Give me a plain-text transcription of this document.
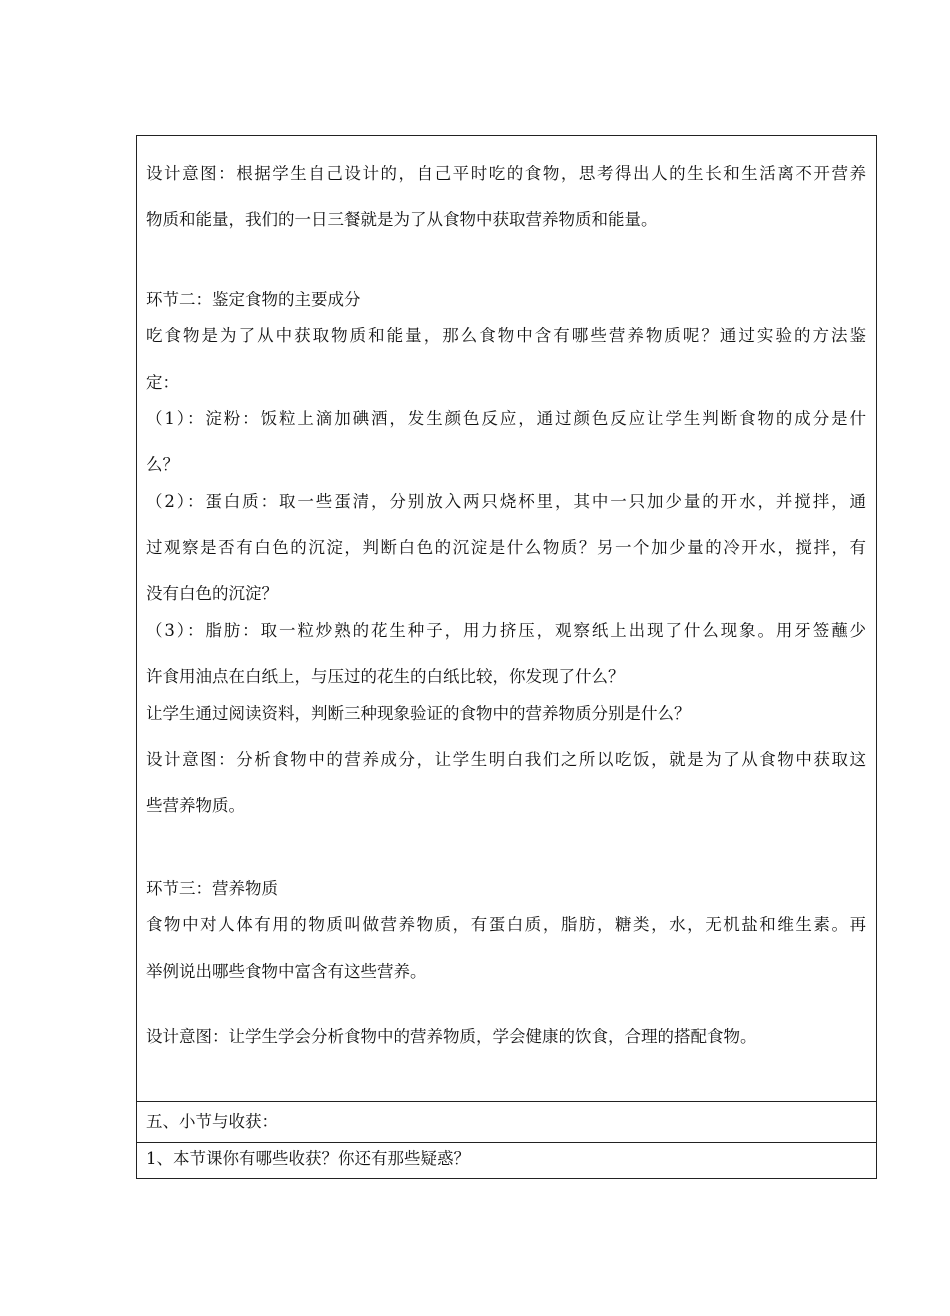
设计意图：根据学生自己设计的，自己平时吃的食物，思考得出人的生长和生活离不开营养
物质和能量，我们的一日三餐就是为了从食物中获取营养物质和能量。
环节二：鉴定食物的主要成分
吃食物是为了从中获取物质和能量，那么食物中含有哪些营养物质呢？通过实验的方法鉴
定：
（1）：淀粉：饭粒上滴加碘酒，发生颜色反应，通过颜色反应让学生判断食物的成分是什
么？
（2）：蛋白质：取一些蛋清，分别放入两只烧杯里，其中一只加少量的开水，并搅拌，通
过观察是否有白色的沉淀，判断白色的沉淀是什么物质？另一个加少量的冷开水，搅拌，有
没有白色的沉淀？
（3）：脂肪：取一粒炒熟的花生种子，用力挤压，观察纸上出现了什么现象。用牙签蘸少
许食用油点在白纸上，与压过的花生的白纸比较，你发现了什么？
让学生通过阅读资料，判断三种现象验证的食物中的营养物质分别是什么？
设计意图：分析食物中的营养成分，让学生明白我们之所以吃饭，就是为了从食物中获取这
些营养物质。
环节三：营养物质
食物中对人体有用的物质叫做营养物质，有蛋白质，脂肪，糖类，水，无机盐和维生素。再
举例说出哪些食物中富含有这些营养。
设计意图：让学生学会分析食物中的营养物质，学会健康的饮食，合理的搭配食物。
五、小节与收获：
1、本节课你有哪些收获？你还有那些疑惑？
